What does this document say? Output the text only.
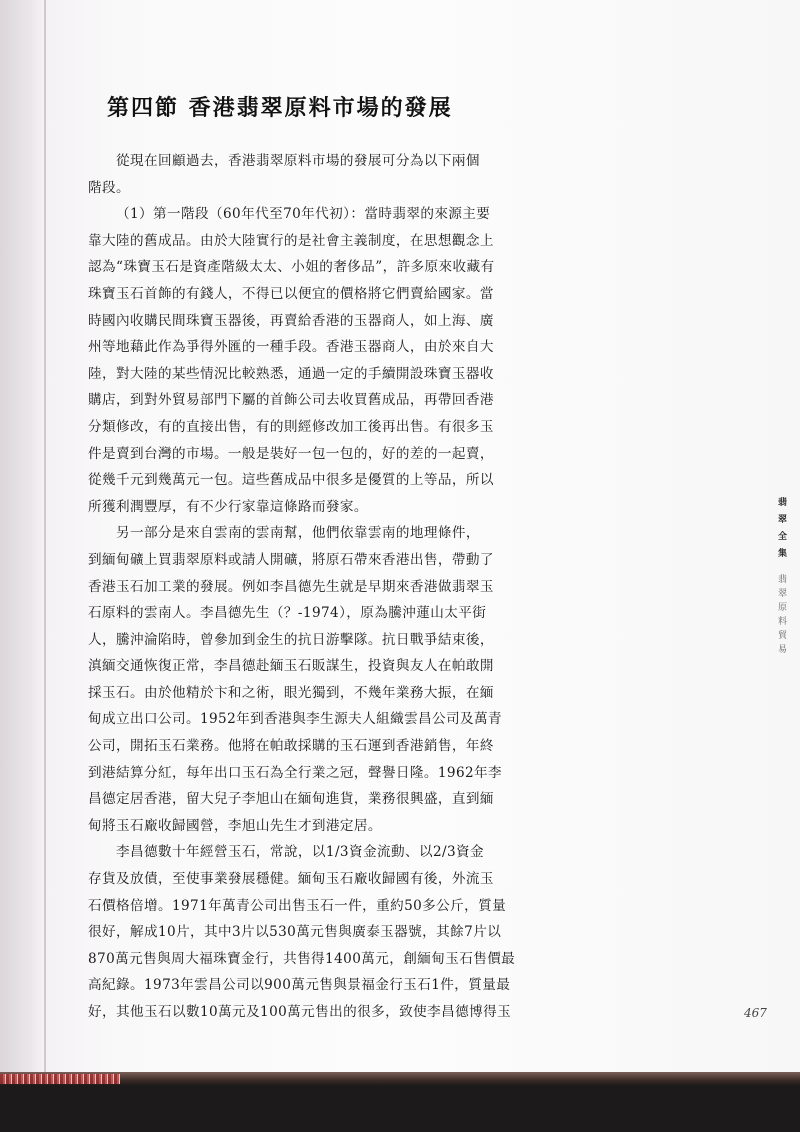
第四節 香港翡翠原料市場的發展
從現在回顧過去，香港翡翠原料市場的發展可分為以下兩個
階段。
（1）第一階段（60年代至70年代初）：當時翡翠的來源主要
靠大陸的舊成品。由於大陸實行的是社會主義制度，在思想觀念上
認為“珠寶玉石是資產階級太太、小姐的奢侈品”，許多原來收藏有
珠寶玉石首飾的有錢人，不得已以便宜的價格將它們賣給國家。當
時國內收購民間珠寶玉器後，再賣給香港的玉器商人，如上海、廣
州等地藉此作為爭得外匯的一種手段。香港玉器商人，由於來自大
陸，對大陸的某些情況比較熟悉，通過一定的手續開設珠寶玉器收
購店，到對外貿易部門下屬的首飾公司去收買舊成品，再帶回香港
分類修改，有的直接出售，有的則經修改加工後再出售。有很多玉
件是賣到台灣的市場。一般是裝好一包一包的，好的差的一起賣，
從幾千元到幾萬元一包。這些舊成品中很多是優質的上等品，所以
所獲利潤豐厚，有不少行家靠這條路而發家。
另一部分是來自雲南的雲南幫，他們依靠雲南的地理條件，
到緬甸礦上買翡翠原料或請人開礦，將原石帶來香港出售，帶動了
香港玉石加工業的發展。例如李昌德先生就是早期來香港做翡翠玉
石原料的雲南人。李昌德先生（？-1974），原為騰沖蓮山太平街
人，騰沖淪陷時，曾參加到金生的抗日游擊隊。抗日戰爭結束後，
滇緬交通恢復正常，李昌德赴緬玉石販謀生，投資與友人在帕敢開
採玉石。由於他精於卞和之術，眼光獨到，不幾年業務大振，在緬
甸成立出口公司。1952年到香港與李生源夫人組織雲昌公司及萬青
公司，開拓玉石業務。他將在帕敢採購的玉石運到香港銷售，年終
到港結算分紅，每年出口玉石為全行業之冠，聲譽日隆。1962年李
昌德定居香港，留大兒子李旭山在緬甸進貨，業務很興盛，直到緬
甸將玉石廠收歸國營，李旭山先生才到港定居。
李昌德數十年經營玉石，常說，以1/3資金流動、以2/3資金
存貨及放債，至使事業發展穩健。緬甸玉石廠收歸國有後，外流玉
石價格倍增。1971年萬青公司出售玉石一件，重約50多公斤，質量
很好，解成10片，其中3片以530萬元售與廣泰玉器號，其餘7片以
870萬元售與周大福珠寶金行，共售得1400萬元，創緬甸玉石售價最
高紀錄。1973年雲昌公司以900萬元售與景福金行玉石1件，質量最
好，其他玉石以數10萬元及100萬元售出的很多，致使李昌德博得玉
翡翠全集 翡翠原料貿易
467
